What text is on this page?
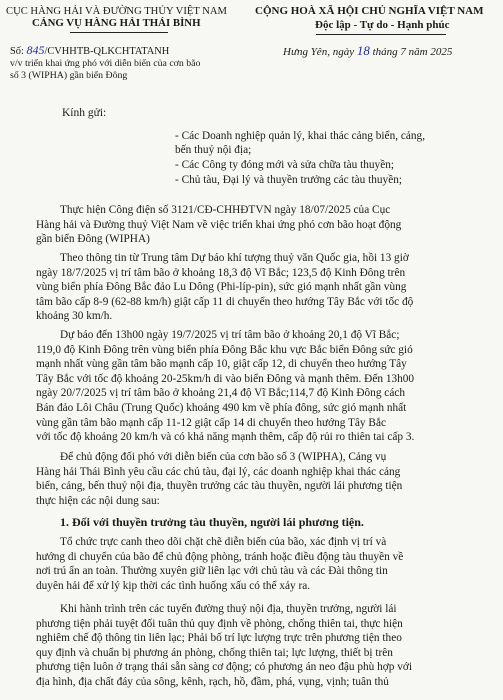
CỤC HÀNG HẢI VÀ ĐƯỜNG THỦY VIỆT NAM
CẢNG VỤ HÀNG HẢI THÁI BÌNH
CỘNG HOÀ XÃ HỘI CHỦ NGHĨA VIỆT NAM
Độc lập - Tự do - Hạnh phúc
Số: 845/CVHHTB-QLKCHTATANH
v/v triển khai ứng phó với diễn biến của cơn bão
số 3 (WIPHA) gần biển Đông
Hưng Yên, ngày 18 tháng 7 năm 2025
Kính gửi:
- Các Doanh nghiệp quản lý, khai thác cảng biển, cảng,
bến thuỷ nội địa;
- Các Công ty đóng mới và sửa chữa tàu thuyền;
- Chủ tàu, Đại lý và thuyền trưởng các tàu thuyền;
Thực hiện Công điện số 3121/CĐ-CHHĐTVN ngày 18/07/2025 của Cục
Hàng hải và Đường thuỷ Việt Nam về việc triển khai ứng phó cơn bão hoạt động
gần biển Đông (WIPHA)
Theo thông tin từ Trung tâm Dự báo khí tượng thuỷ văn Quốc gia, hồi 13 giờ
ngày 18/7/2025 vị trí tâm bão ở khoảng 18,3 độ Vĩ Bắc; 123,5 độ Kinh Đông trên
vùng biển phía Đông Bắc đảo Lu Dông (Phi-líp-pin), sức gió mạnh nhất gần vùng
tâm bão cấp 8-9 (62-88 km/h) giật cấp 11 di chuyển theo hướng Tây Bắc với tốc độ
khoảng 30 km/h.
Dự báo đến 13h00 ngày 19/7/2025 vị trí tâm bão ở khoảng 20,1 độ Vĩ Bắc;
119,0 độ Kinh Đông trên vùng biển phía Đông Bắc khu vực Bắc biển Đông sức gió
mạnh nhất vùng gần tâm bão mạnh cấp 10, giật cấp 12, di chuyển theo hướng Tây
Tây Bắc với tốc độ khoảng 20-25km/h di vào biển Đông và mạnh thêm. Đến 13h00
ngày 20/7/2025 vị trí tâm bão ở khoảng 21,4 độ Vĩ Bắc;114,7 độ Kinh Đông cách
Bán đảo Lôi Châu (Trung Quốc) khoảng 490 km về phía đông, sức gió mạnh nhất
vùng gần tâm bão mạnh cấp 11-12 giật cấp 14 di chuyển theo hướng Tây Bắc
với tốc độ khoảng 20 km/h và có khả năng mạnh thêm, cấp độ rủi ro thiên tai cấp 3.
Để chủ động đối phó với diễn biến của cơn bão số 3 (WIPHA), Cảng vụ
Hàng hải Thái Bình yêu cầu các chủ tàu, đại lý, các doanh nghiệp khai thác cảng
biển, cảng, bến thuỷ nội địa, thuyền trưởng các tàu thuyền, người lái phương tiện
thực hiện các nội dung sau:
1. Đối với thuyền trưởng tàu thuyền, người lái phương tiện.
Tổ chức trực canh theo dõi chặt chẽ diễn biến của bão, xác định vị trí và
hướng di chuyển của bão để chủ động phòng, tránh hoặc điều động tàu thuyền về
nơi trú ẩn an toàn. Thường xuyên giữ liên lạc với chủ tàu và các Đài thông tin
duyên hải để xử lý kịp thời các tình huống xấu có thể xảy ra.
Khi hành trình trên các tuyến đường thuỷ nội địa, thuyền trưởng, người lái
phương tiện phải tuyệt đối tuân thủ quy định về phòng, chống thiên tai, thực hiện
nghiêm chế độ thông tin liên lạc; Phải bố trí lực lượng trực trên phương tiện theo
quy định và chuẩn bị phương án phòng, chống thiên tai; lực lượng, thiết bị trên
phương tiện luôn ở trạng thái sẵn sàng cơ động; có phương án neo đậu phù hợp với
địa hình, địa chất đáy của sông, kênh, rạch, hồ, đầm, phá, vụng, vịnh; tuân thủ
